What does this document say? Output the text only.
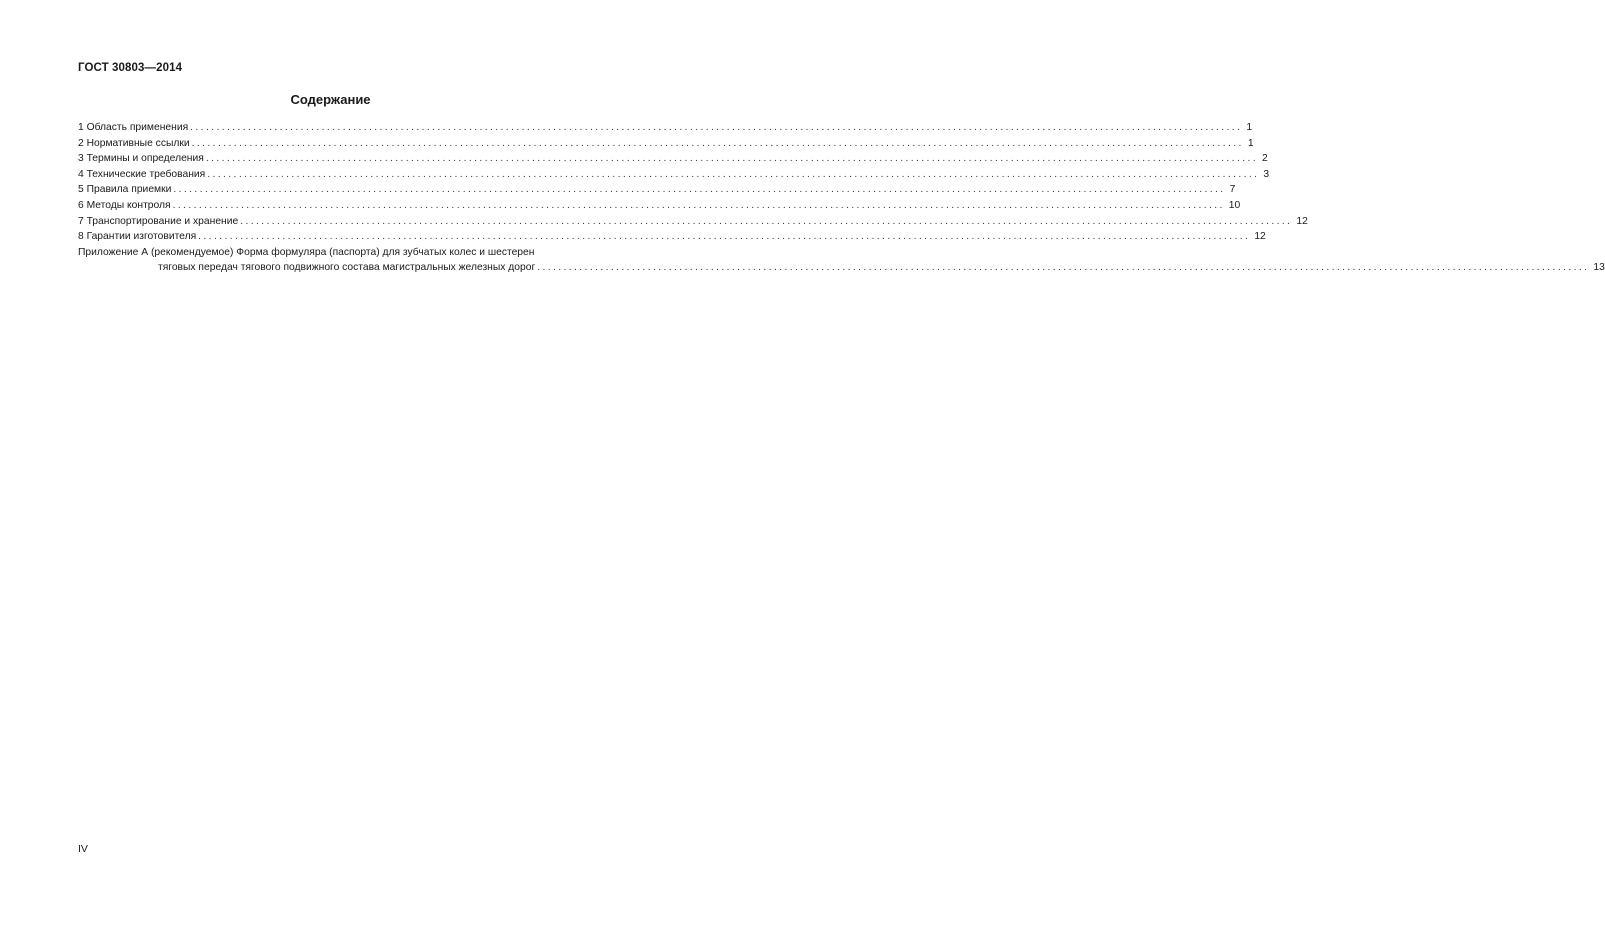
ГОСТ 30803—2014
Содержание
1 Область применения ........................................................................................................................................................................................................ 1
2 Нормативные ссылки ........................................................................................................................................................................................................ 1
3 Термины и определения ........................................................................................................................................................................................................ 2
4 Технические требования ........................................................................................................................................................................................................ 3
5 Правила приемки ........................................................................................................................................................................................................ 7
6 Методы контроля ........................................................................................................................................................................................................ 10
7 Транспортирование и хранение ........................................................................................................................................................................................................ 12
8 Гарантии изготовителя ........................................................................................................................................................................................................ 12
Приложение А (рекомендуемое) Форма формуляра (паспорта) для зубчатых колес и шестерен
тяговых передач тягового подвижного состава магистральных железных дорог ........................................................................................................................................................................................................ 13
IV
